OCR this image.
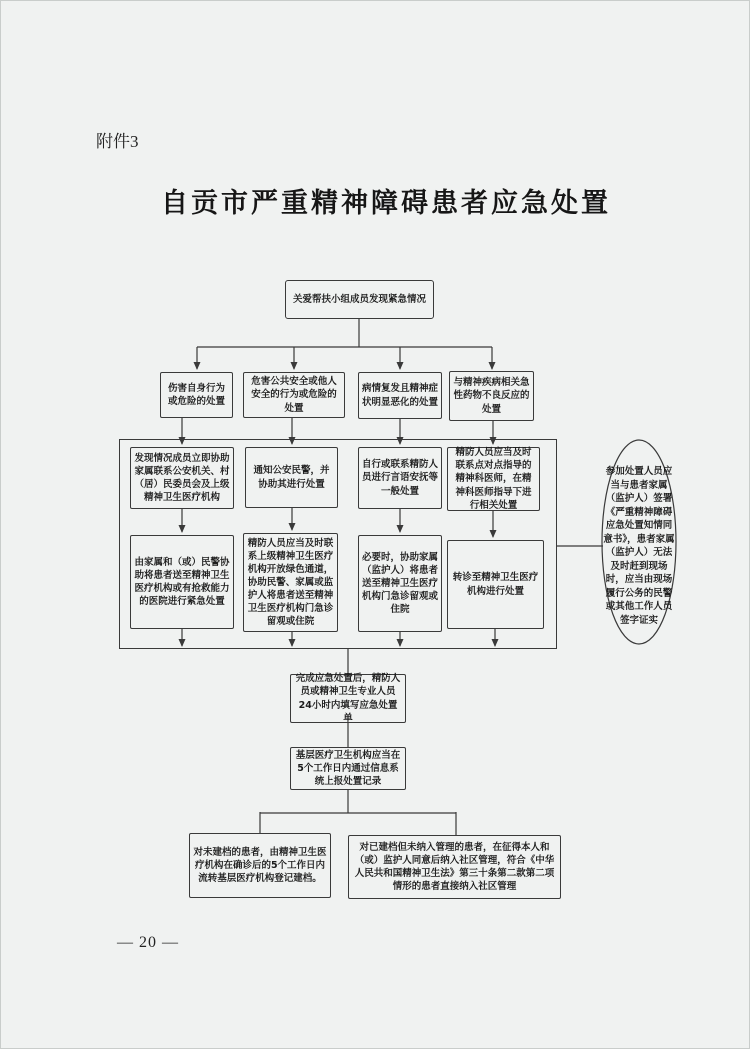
附件3
自贡市严重精神障碍患者应急处置
关爱帮扶小组成员发现紧急情况
伤害自身行为或危险的处置
危害公共安全或他人安全的行为或危险的处置
病情复发且精神症状明显恶化的处置
与精神疾病相关急性药物不良反应的处置
发现情况成员立即协助家属联系公安机关、村（居）民委员会及上级精神卫生医疗机构
通知公安民警，并协助其进行处置
自行或联系精防人员进行言语安抚等一般处置
精防人员应当及时联系点对点指导的精神科医师，在精神科医师指导下进行相关处置
由家属和（或）民警协助将患者送至精神卫生医疗机构或有抢救能力的医院进行紧急处置
精防人员应当及时联系上级精神卫生医疗机构开放绿色通道，协助民警、家属或监护人将患者送至精神卫生医疗机构门急诊留观或住院
必要时，协助家属（监护人）将患者送至精神卫生医疗机构门急诊留观或住院
转诊至精神卫生医疗机构进行处置
参加处置人员应当与患者家属（监护人）签署《严重精神障碍应急处置知情同意书》，患者家属（监护人）无法及时赶到现场时，应当由现场履行公务的民警或其他工作人员签字证实
完成应急处置后，精防人员或精神卫生专业人员24小时内填写应急处置单
基层医疗卫生机构应当在5个工作日内通过信息系统上报处置记录
对未建档的患者，由精神卫生医疗机构在确诊后的5个工作日内流转基层医疗机构登记建档。
对已建档但未纳入管理的患者，在征得本人和（或）监护人同意后纳入社区管理，符合《中华人民共和国精神卫生法》第三十条第二款第二项情形的患者直接纳入社区管理
— 20 —
